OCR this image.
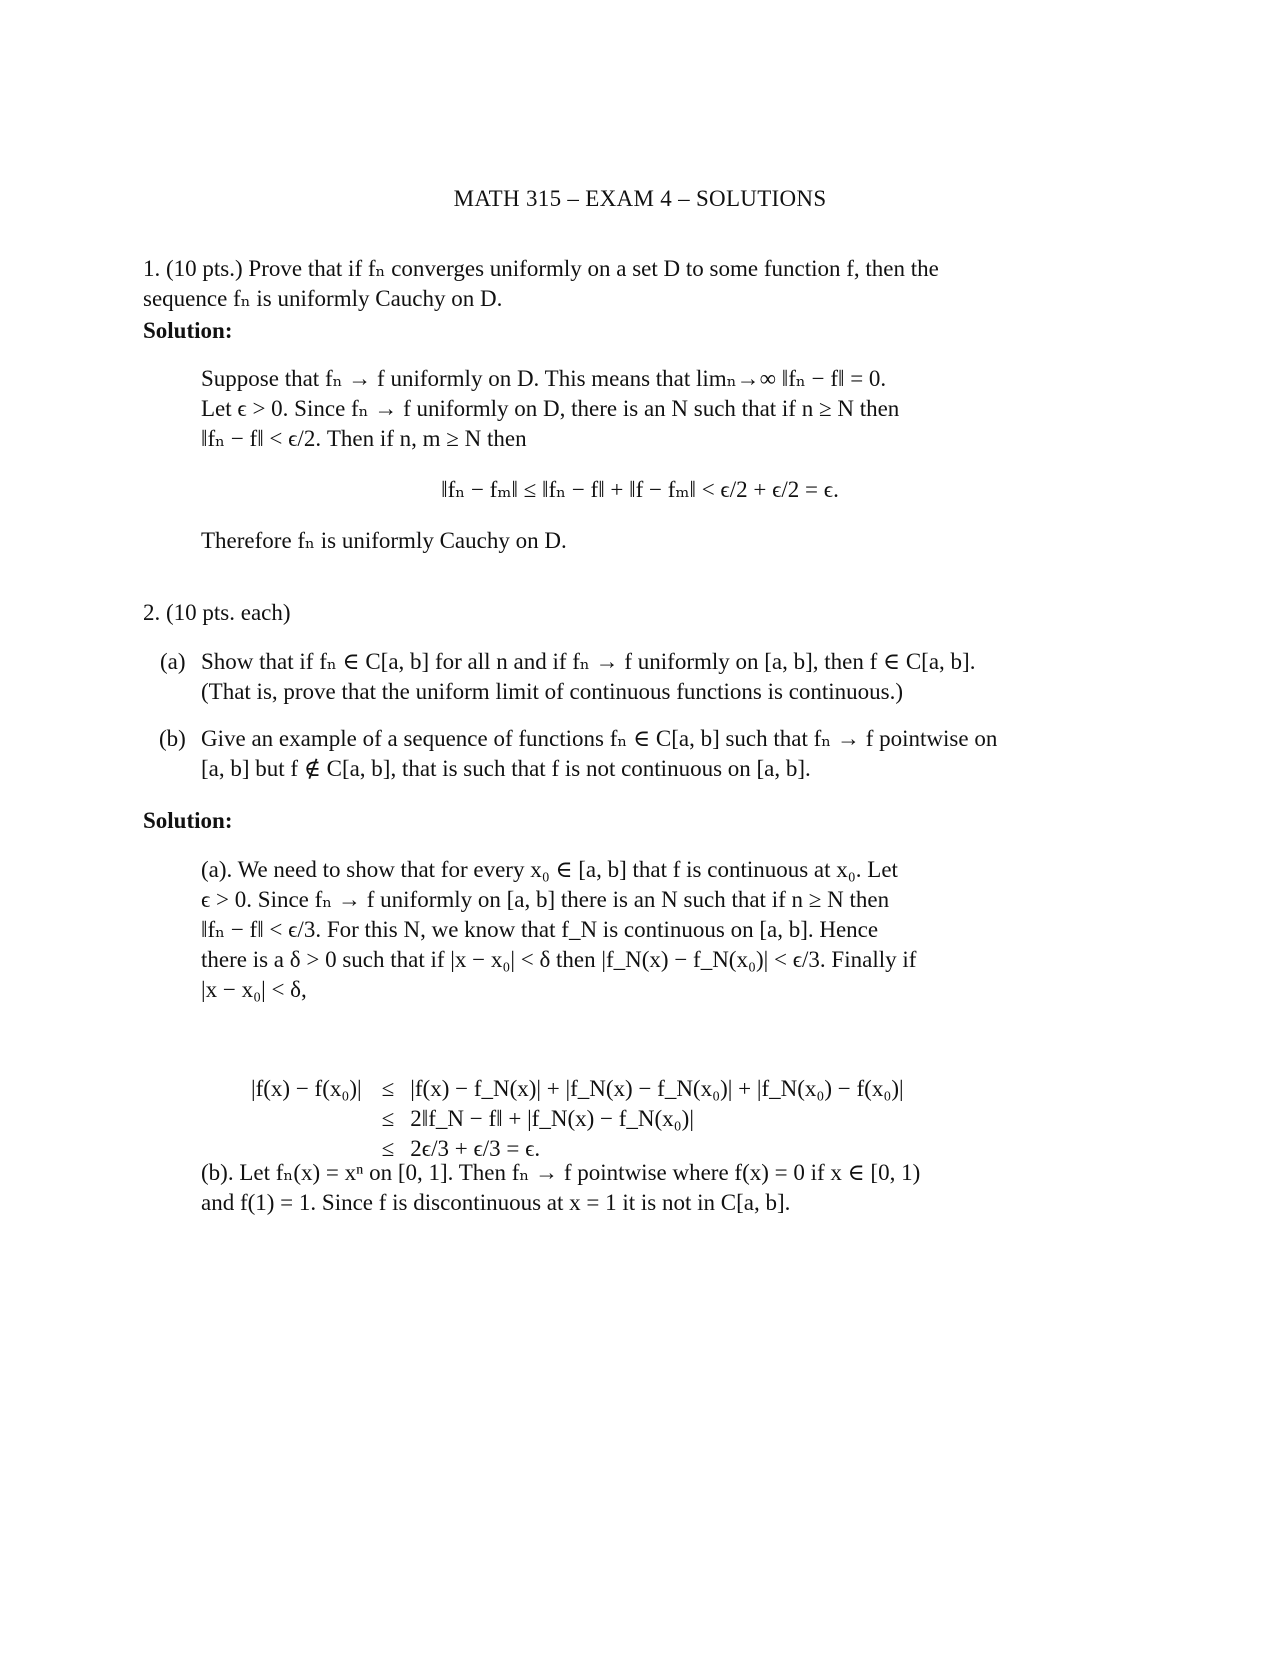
MATH 315 – EXAM 4 – SOLUTIONS
1. (10 pts.) Prove that if fₙ converges uniformly on a set D to some function f, then the
sequence fₙ is uniformly Cauchy on D.
Solution:
Suppose that fₙ → f uniformly on D. This means that limₙ→∞ ‖fₙ − f‖ = 0.
Let ϵ > 0. Since fₙ → f uniformly on D, there is an N such that if n ≥ N then
‖fₙ − f‖ < ϵ/2. Then if n, m ≥ N then
‖fₙ − fₘ‖ ≤ ‖fₙ − f‖ + ‖f − fₘ‖ < ϵ/2 + ϵ/2 = ϵ.
Therefore fₙ is uniformly Cauchy on D.
2. (10 pts. each)
(a) Show that if fₙ ∈ C[a, b] for all n and if fₙ → f uniformly on [a, b], then f ∈ C[a, b].
(That is, prove that the uniform limit of continuous functions is continuous.)
(b) Give an example of a sequence of functions fₙ ∈ C[a, b] such that fₙ → f pointwise on
[a, b] but f ∉ C[a, b], that is such that f is not continuous on [a, b].
Solution:
(a). We need to show that for every x₀ ∈ [a, b] that f is continuous at x₀. Let
ϵ > 0. Since fₙ → f uniformly on [a, b] there is an N such that if n ≥ N then
‖fₙ − f‖ < ϵ/3. For this N, we know that f_N is continuous on [a, b]. Hence
there is a δ > 0 such that if |x − x₀| < δ then |f_N(x) − f_N(x₀)| < ϵ/3. Finally if
|x − x₀| < δ,
|f(x) − f(x₀)|	≤	|f(x) − f_N(x)| + |f_N(x) − f_N(x₀)| + |f_N(x₀) − f(x₀)|
	≤	2‖f_N − f‖ + |f_N(x) − f_N(x₀)|
	≤	2ϵ/3 + ϵ/3 = ϵ.
(b). Let fₙ(x) = xⁿ on [0, 1]. Then fₙ → f pointwise where f(x) = 0 if x ∈ [0, 1)
and f(1) = 1. Since f is discontinuous at x = 1 it is not in C[a, b].
